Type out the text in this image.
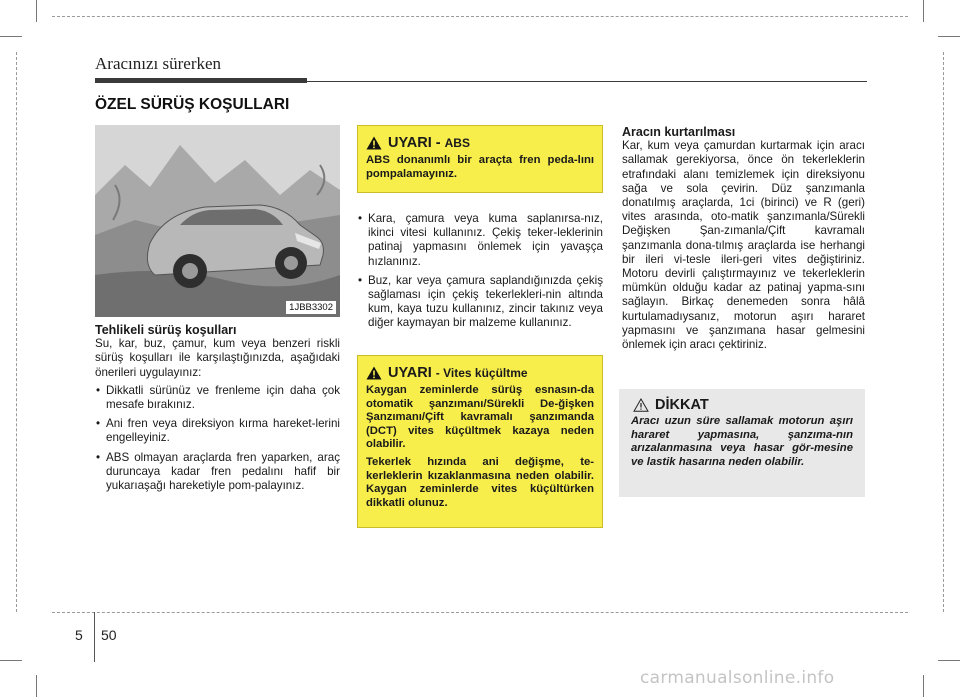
Aracınızı sürerken
ÖZEL SÜRÜŞ KOŞULLARI
1JBB3302

Tehlikeli sürüş koşulları

Su, kar, buz, çamur, kum veya benzeri riskli sürüş koşulları ile karşılaştığınızda, aşağıdaki önerileri uygulayınız:

• Dikkatli sürünüz ve frenleme için daha çok mesafe bırakınız.
• Ani fren veya direksiyon kırma hareket-lerini engelleyiniz.
• ABS olmayan araçlarda fren yaparken, araç duruncaya kadar fren pedalını hafif bir yukarıaşağı hareketiyle pom-palayınız.
UYARI - ABS
ABS donanımlı bir araçta fren peda-lını pompalamayınız.
• Kara, çamura veya kuma saplanırsa-nız, ikinci vitesi kullanınız. Çekiş teker-leklerinin patinaj yapmasını önlemek için yavaşça hızlanınız.
• Buz, kar veya çamura saplandığınızda çekiş sağlaması için çekiş tekerlekleri-nin altında kum, kaya tuzu kullanınız, zincir takınız veya diğer kaymayan bir malzeme kullanınız.
UYARI - Vites küçültme

Kaygan zeminlerde sürüş esnasın-da otomatik şanzımanı/Sürekli De-ğişken Şanzımanı/Çift kavramalı şanzımanda (DCT) vites küçültmek kazaya neden olabilir.

Tekerlek hızında ani değişme, te-kerleklerin kızaklanmasına neden olabilir. Kaygan zeminlerde vites küçültürken dikkatli olunuz.

Aracın kurtarılması

Kar, kum veya çamurdan kurtarmak için aracı sallamak gerekiyorsa, önce ön tekerleklerin etrafındaki alanı temizlemek için direksiyonu sağa ve sola çevirin. Düz şanzımanla donatılmış araçlarda, 1ci (birinci) ve R (geri) vites arasında, oto-matik şanzımanla/Sürekli Değişken Şan-zımanla/Çift kavramalı şanzımanla dona-tılmış araçlarda ise herhangi bir ileri vi-tesle ileri-geri vites değiştiriniz. Motoru devirli çalıştırmayınız ve tekerleklerin mümkün olduğu kadar az patinaj yapma-sını sağlayın. Birkaç denemeden sonra hâlâ kurtulamadıysanız, motorun aşırı hararet yapmasını ve şanzımana hasar gelmesini önlemek için aracı çektiriniz.

DİKKAT
Aracı uzun süre sallamak motorun aşırı hararet yapmasına, şanzıma-nın arızalanmasına veya hasar gör-mesine ve lastik hasarına neden olabilir.
5 50
carmanualsonline.info
